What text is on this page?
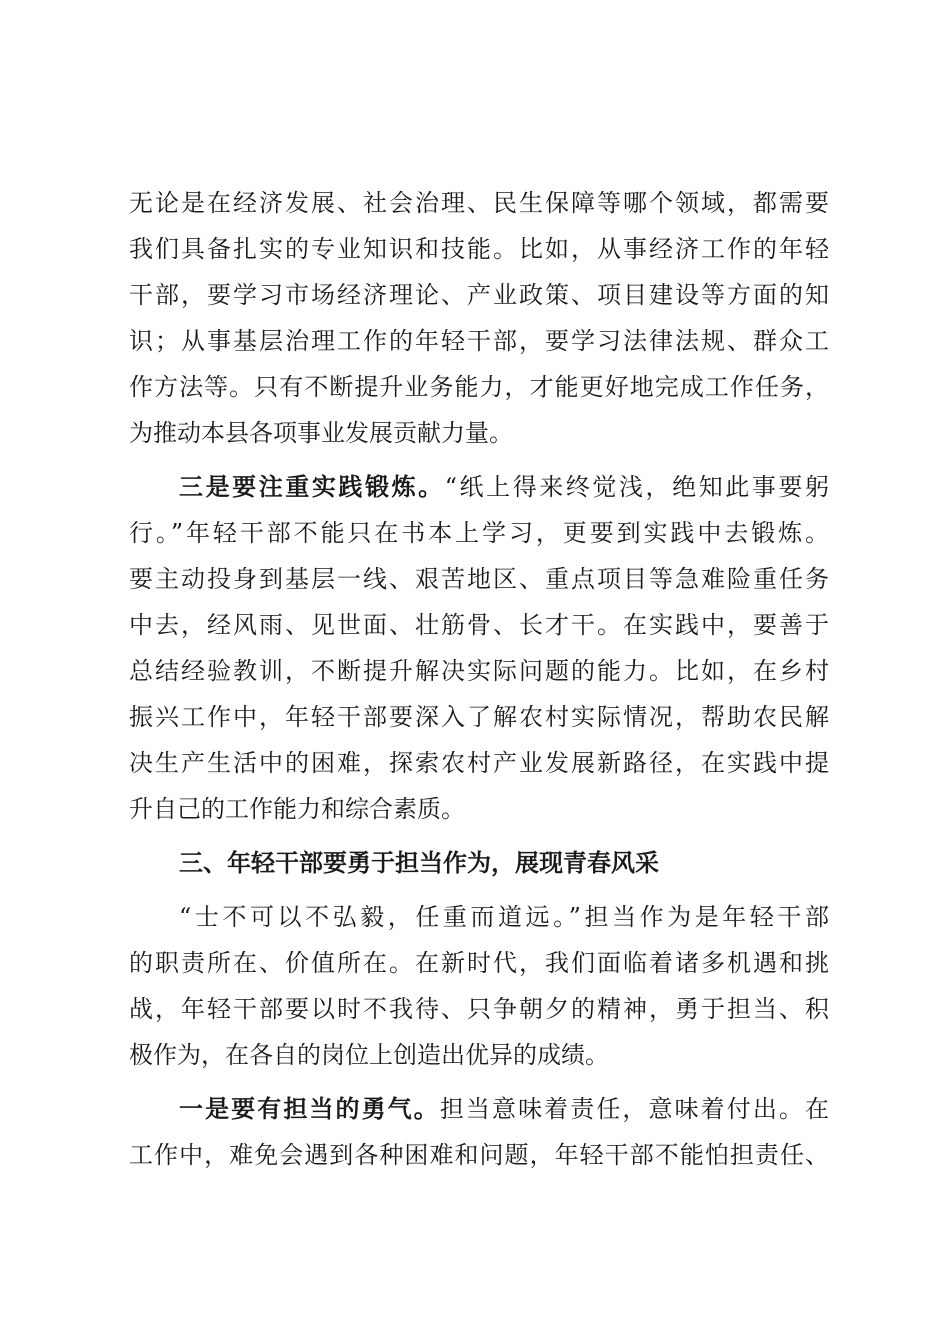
无论是在经济发展、社会治理、民生保障等哪个领域，都需要
我们具备扎实的专业知识和技能。比如，从事经济工作的年轻
干部，要学习市场经济理论、产业政策、项目建设等方面的知
识；从事基层治理工作的年轻干部，要学习法律法规、群众工
作方法等。只有不断提升业务能力，才能更好地完成工作任务，
为推动本县各项事业发展贡献力量。
三是要注重实践锻炼。“纸上得来终觉浅，绝知此事要躬
行。”年轻干部不能只在书本上学习，更要到实践中去锻炼。
要主动投身到基层一线、艰苦地区、重点项目等急难险重任务
中去，经风雨、见世面、壮筋骨、长才干。在实践中，要善于
总结经验教训，不断提升解决实际问题的能力。比如，在乡村
振兴工作中，年轻干部要深入了解农村实际情况，帮助农民解
决生产生活中的困难，探索农村产业发展新路径，在实践中提
升自己的工作能力和综合素质。
三、年轻干部要勇于担当作为，展现青春风采
“士不可以不弘毅，任重而道远。”担当作为是年轻干部
的职责所在、价值所在。在新时代，我们面临着诸多机遇和挑
战，年轻干部要以时不我待、只争朝夕的精神，勇于担当、积
极作为，在各自的岗位上创造出优异的成绩。
一是要有担当的勇气。担当意味着责任，意味着付出。在
工作中，难免会遇到各种困难和问题，年轻干部不能怕担责任、
